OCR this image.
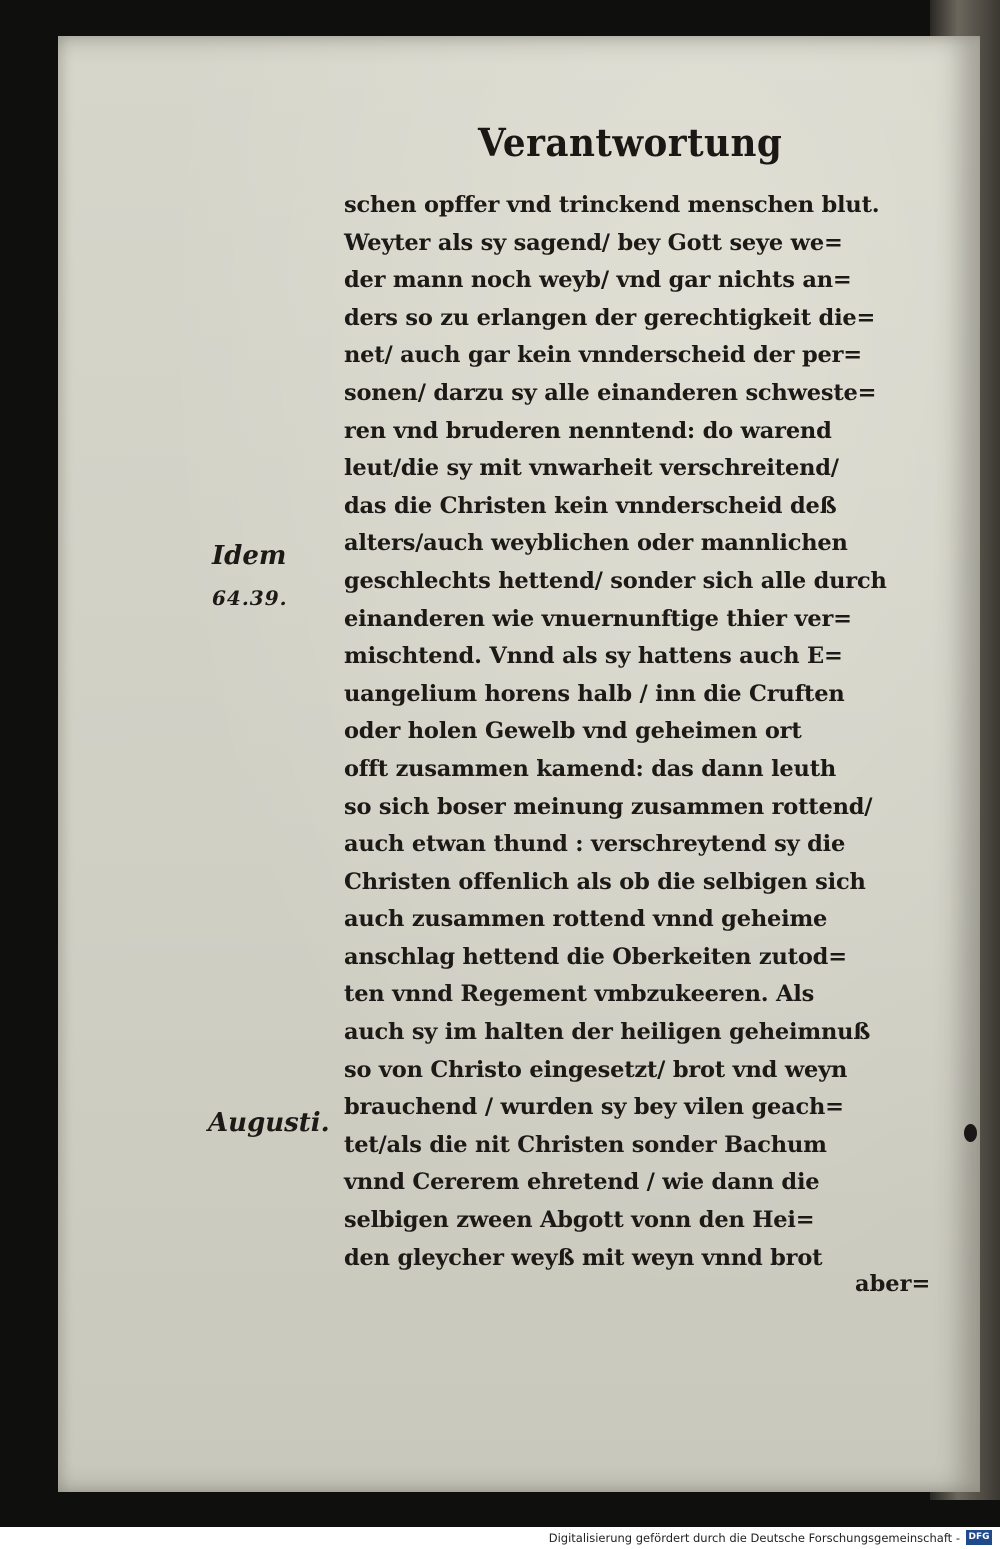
Verantwortung
Idem
64.39.
Augusti.
schen opffer vnd trinckend menschen blut.
Weyter als sy sagend/ bey Gott seye we=
der mann noch weyb/ vnd gar nichts an=
ders so zu erlangen der gerechtigkeit die=
net/ auch gar kein vnnderscheid der per=
sonen/ darzu sy alle einanderen schweste=
ren vnd bruderen nenntend: do warend
leut/die sy mit vnwarheit verschreitend/
das die Christen kein vnnderscheid deß
alters/auch weyblichen oder mannlichen
geschlechts hettend/ sonder sich alle durch
einanderen wie vnuernunftige thier ver=
mischtend. Vnnd als sy hattens auch E=
uangelium horens halb / inn die Cruften
oder holen Gewelb vnd geheimen ort
offt zusammen kamend: das dann leuth
so sich boser meinung zusammen rottend/
auch etwan thund : verschreytend sy die
Christen offenlich als ob die selbigen sich
auch zusammen rottend vnnd geheime
anschlag hettend die Oberkeiten zutod=
ten vnnd Regement vmbzukeeren. Als
auch sy im halten der heiligen geheimnuß
so von Christo eingesetzt/ brot vnd weyn
brauchend / wurden sy bey vilen geach=
tet/als die nit Christen sonder Bachum
vnnd Cererem ehretend / wie dann die
selbigen zween Abgott vonn den Hei=
den gleycher weyß mit weyn vnnd brot
aber=
Digitalisierung gefördert durch die Deutsche Forschungsgemeinschaft - DFG
